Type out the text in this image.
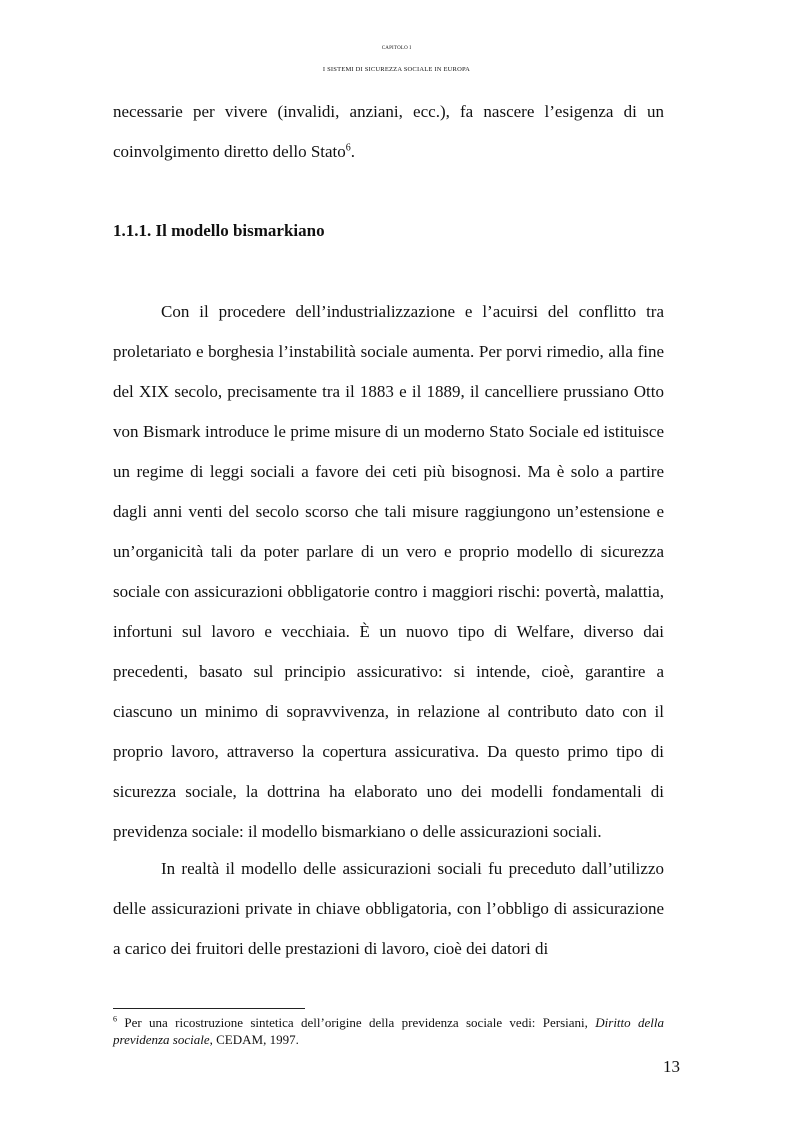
CAPITOLO I
I SISTEMI DI SICUREZZA SOCIALE IN EUROPA

necessarie per vivere (invalidi, anziani, ecc.), fa nascere l’esigenza di un coinvolgimento diretto dello Stato$^6$.

1.1.1. Il modello bismarkiano

Con il procedere dell’industrializzazione e l’acuirsi del conflitto tra proletariato e borghesia l’instabilità sociale aumenta. Per porvi rimedio, alla fine del XIX secolo, precisamente tra il 1883 e il 1889, il cancelliere prussiano Otto von Bismark introduce le prime misure di un moderno Stato Sociale ed istituisce un regime di leggi sociali a favore dei ceti più bisognosi. Ma è solo a partire dagli anni venti del secolo scorso che tali misure raggiungono un’estensione e un’organicità tali da poter parlare di un vero e proprio modello di sicurezza sociale con assicurazioni obbligatorie contro i maggiori rischi: povertà, malattia, infortuni sul lavoro e vecchiaia. È un nuovo tipo di Welfare, diverso dai precedenti, basato sul principio assicurativo: si intende, cioè, garantire a ciascuno un minimo di sopravvivenza, in relazione al contributo dato con il proprio lavoro, attraverso la copertura assicurativa. Da questo primo tipo di sicurezza sociale, la dottrina ha elaborato uno dei modelli fondamentali di previdenza sociale: il modello bismarkiano o delle assicurazioni sociali.

In realtà il modello delle assicurazioni sociali fu preceduto dall’utilizzo delle assicurazioni private in chiave obbligatoria, con l’obbligo di assicurazione a carico dei fruitori delle prestazioni di lavoro, cioè dei datori di

$^6$ Per una ricostruzione sintetica dell’origine della previdenza sociale vedi: Persiani, Diritto della previdenza sociale, CEDAM, 1997.
13
